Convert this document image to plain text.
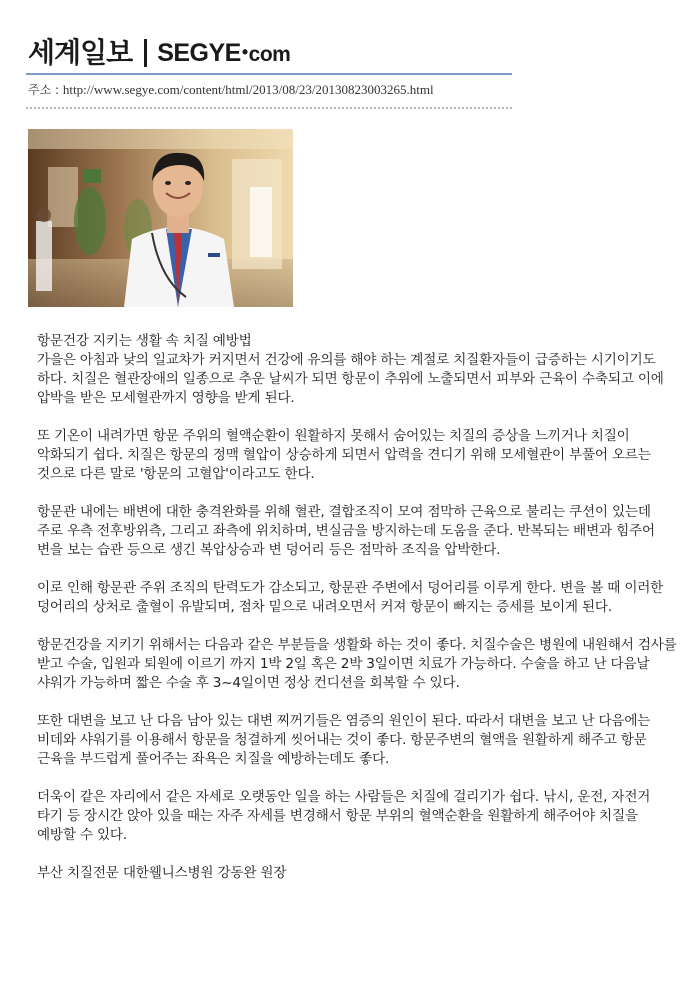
세계일보 SEGYE•com
주소 : http://www.segye.com/content/html/2013/08/23/20130823003265.html
항문건강 지키는 생활 속 치질 예방법

가을은 아침과 낮의 일교차가 커지면서 건강에 유의를 해야 하는 계절로 치질환자들이 급증하는 시기이기도 하다. 치질은 혈관장애의 일종으로 추운 날씨가 되면 항문이 추위에 노출되면서 피부와 근육이 수축되고 이에 압박을 받은 모세혈관까지 영향을 받게 된다.

또 기온이 내려가면 항문 주위의 혈액순환이 원활하지 못해서 숨어있는 치질의 증상을 느끼거나 치질이 악화되기 쉽다. 치질은 항문의 정맥 혈압이 상승하게 되면서 압력을 견디기 위해 모세혈관이 부풀어 오르는 것으로 다른 말로 '항문의 고혈압'이라고도 한다.

항문관 내에는 배변에 대한 충격완화를 위해 혈관, 결합조직이 모여 점막하 근육으로 불리는 쿠션이 있는데 주로 우측 전후방위측, 그리고 좌측에 위치하며, 변실금을 방지하는데 도움을 준다. 반복되는 배변과 힘주어 변을 보는 습관 등으로 생긴 복압상승과 변 덩어리 등은 점막하 조직을 압박한다.

이로 인해 항문관 주위 조직의 탄력도가 감소되고, 항문관 주변에서 덩어리를 이루게 한다. 변을 볼 때 이러한 덩어리의 상처로 출혈이 유발되며, 점차 밑으로 내려오면서 커져 항문이 빠지는 증세를 보이게 된다.

항문건강을 지키기 위해서는 다음과 같은 부분들을 생활화 하는 것이 좋다. 치질수술은 병원에 내원해서 검사를 받고 수술, 입원과 퇴원에 이르기 까지 1박 2일 혹은 2박 3일이면 치료가 가능하다. 수술을 하고 난 다음날 샤워가 가능하며 짧은 수술 후 3~4일이면 정상 컨디션을 회복할 수 있다.

또한 대변을 보고 난 다음 남아 있는 대변 찌꺼기들은 염증의 원인이 된다. 따라서 대변을 보고 난 다음에는 비데와 샤워기를 이용해서 항문을 청결하게 씻어내는 것이 좋다. 항문주변의 혈액을 원활하게 해주고 항문 근육을 부드럽게 풀어주는 좌욕은 치질을 예방하는데도 좋다.

더욱이 같은 자리에서 같은 자세로 오랫동안 일을 하는 사람들은 치질에 걸리기가 쉽다. 낚시, 운전, 자전거 타기 등 장시간 앉아 있을 때는 자주 자세를 변경해서 항문 부위의 혈액순환을 원활하게 해주어야 치질을 예방할 수 있다.

부산 치질전문 대한웰니스병원 강동완 원장
